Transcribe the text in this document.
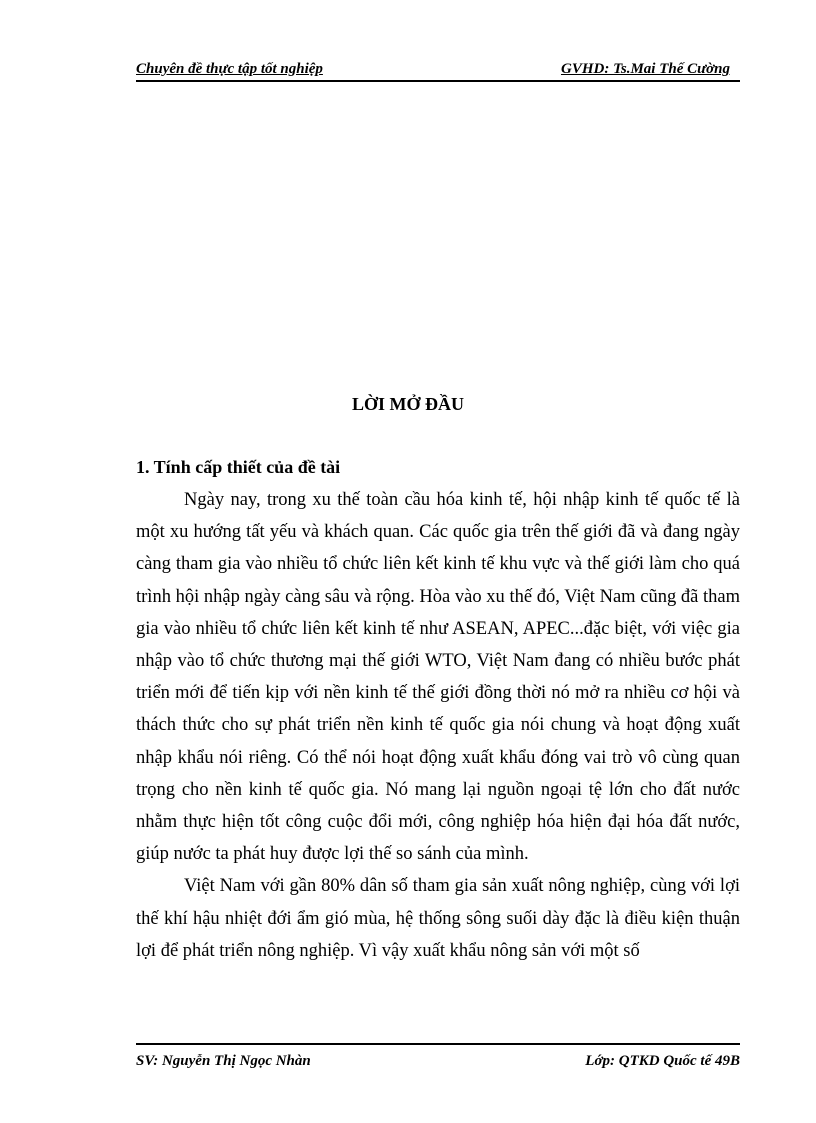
Chuyên đề thực tập tốt nghiệp	GVHD: Ts.Mai Thế Cường
LỜI MỞ ĐẦU
1. Tính cấp thiết của đề tài

Ngày nay, trong xu thế toàn cầu hóa kinh tế, hội nhập kinh tế quốc tế là một xu hướng tất yếu và khách quan. Các quốc gia trên thế giới đã và đang ngày càng tham gia vào nhiều tổ chức liên kết kinh tế khu vực và thế giới làm cho quá trình hội nhập ngày càng sâu và rộng. Hòa vào xu thế đó, Việt Nam cũng đã tham gia vào nhiều tổ chức liên kết kinh tế như ASEAN, APEC...đặc biệt, với việc gia nhập vào tổ chức thương mại thế giới WTO, Việt Nam đang có nhiều bước phát triển mới để tiến kịp với nền kinh tế thế giới đồng thời nó mở ra nhiều cơ hội và thách thức cho sự phát triển nền kinh tế quốc gia nói chung và hoạt động xuất nhập khẩu nói riêng. Có thể nói hoạt động xuất khẩu đóng vai trò vô cùng quan trọng cho nền kinh tế quốc gia. Nó mang lại nguồn ngoại tệ lớn cho đất nước nhằm thực hiện tốt công cuộc đổi mới, công nghiệp hóa hiện đại hóa đất nước, giúp nước ta phát huy được lợi thế so sánh của mình.

Việt Nam với gần 80% dân số tham gia sản xuất nông nghiệp, cùng với lợi thế khí hậu nhiệt đới ẩm gió mùa, hệ thống sông suối dày đặc là điều kiện thuận lợi để phát triển nông nghiệp. Vì vậy xuất khẩu nông sản với một số

SV: Nguyễn Thị Ngọc Nhàn	Lớp: QTKD Quốc tế 49B
